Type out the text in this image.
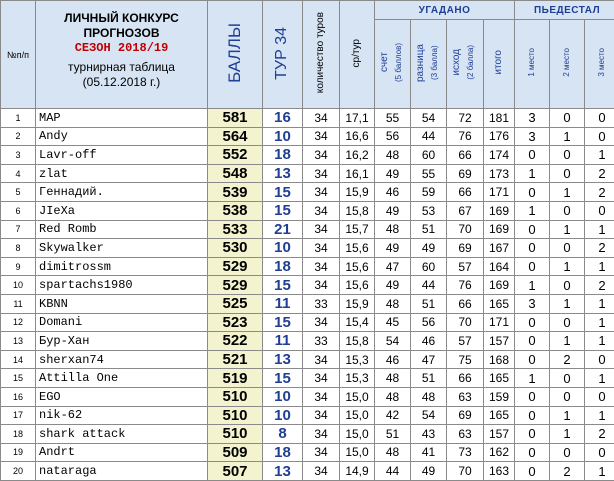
№п/п	ЛИЧНЫЙ КОНКУРС
ПРОГНОЗОВ
СЕЗОН 2018/19
турнирная таблица
(05.12.2018 г.)	БАЛЛЫ	ТУР 34	количество туров	ср/тур	УГАДАНО				ПЬЕДЕСТАЛ		
						счет (5 баллов)	разница (3 балла)	исход (2 балла)	итого	1 место	2 место	3 место
1	MAP	581	16	34	17,1	55	54	72	181	3	0	0
2	Andy	564	10	34	16,6	56	44	76	176	3	1	0
3	Lavr-off	552	18	34	16,2	48	60	66	174	0	0	1
4	zlat	548	13	34	16,1	49	55	69	173	1	0	2
5	Геннадий.	539	15	34	15,9	46	59	66	171	0	1	2
6	JIeXa	538	15	34	15,8	49	53	67	169	1	0	0
7	Red Romb	533	21	34	15,7	48	51	70	169	0	1	1
8	Skywalker	530	10	34	15,6	49	49	69	167	0	0	2
9	dimitrossm	529	18	34	15,6	47	60	57	164	0	1	1
10	spartachs1980	529	15	34	15,6	49	44	76	169	1	0	2
11	KBNN	525	11	33	15,9	48	51	66	165	3	1	1
12	Domani	523	15	34	15,4	45	56	70	171	0	0	1
13	Бур-Хан	522	11	33	15,8	54	46	57	157	0	1	1
14	sherxan74	521	13	34	15,3	46	47	75	168	0	2	0
15	Attilla One	519	15	34	15,3	48	51	66	165	1	0	1
16	EGO	510	10	34	15,0	48	48	63	159	0	0	0
17	nik-62	510	10	34	15,0	42	54	69	165	0	1	1
18	shark attack	510	8	34	15,0	51	43	63	157	0	1	2
19	Andrt	509	18	34	15,0	48	41	73	162	0	0	0
20	nataraga	507	13	34	14,9	44	49	70	163	0	2	1
